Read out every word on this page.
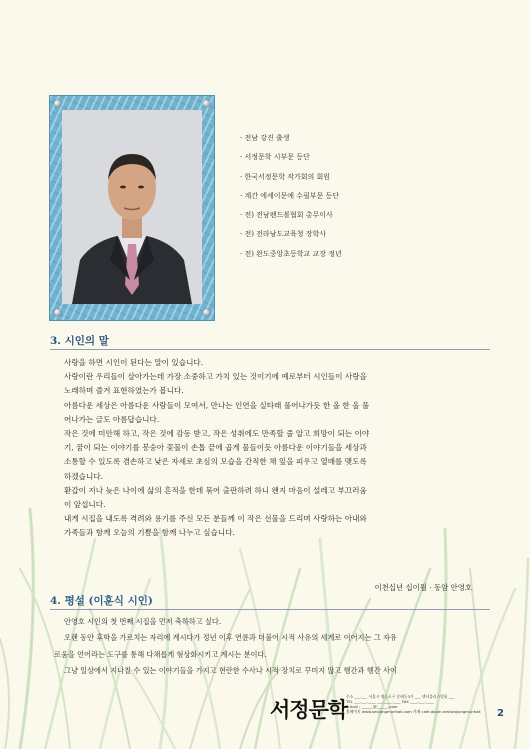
· 전남 강진 출생
· 서정문학 시부문 등단
· 한국서정문학 작가회의 회원
· 계간 에세이문예 수필부문 등단
· 전) 전남펜드볼협회 총무이사
· 전) 전라남도교육청 장학사
· 전) 완도중앙초등학교 교장 정년
3. 시인의 말

사랑을 하면 시인이 된다는 말이 있습니다.

사랑이란 우리들이 살아가는데 가장 소중하고 가치 있는 것이기에 예로부터 시인들이 사랑을

노래하며 즐겨 표현하였는가 봅니다.

아름다운 세상은 아름다운 사람들이 모여서, 만나는 인연을 실타래 풀어나가듯 한 올 한 올 풀

어나가는 글도 아름답습니다.

작은 것에 미안해 하고, 작은 것에 감동 받고, 작은 성취에도 만족할 줄 알고 희망이 되는 이야

기, 꿈이 되는 이야기를 봉숭아 꽃물이 손톱 끝에 곱게 물들이듯 아름다운 이야기들을 세상과

소통할 수 있도록 겸손하고 낮은 자세로 초심의 모습을 간직한 채 잎을 피우고 열매를 맺도록

하겠습니다.

환갑이 지나 늦은 나이에 삶의 흔적을 한데 묶어 출판하려 하니 왠지 마음이 설레고 부끄러움

이 앞섭니다.

내게 시집을 내도록 격려와 용기를 주신 모든 분들께 이 작은 선물을 드리며 사랑하는 아내와

가족들과 함께 오늘의 기쁨을 함께 나누고 싶습니다.

이천십년 십이월 · 동암 안영호
4. 평설 (이훈식 시인)

안영호 시인의 첫 번째 시집을 먼저 축하하고 싶다.

오랜 동안 후학을 가르치는 자리에 계시다가 정년 이후 연륜과 더불어 시적 사유의 세계로 이어지는 그 자유

로움을 언어라는 도구를 통해 다채롭게 형상화시키고 계시는 분이다.

그냥 일상에서 지나칠 수 있는 이야기들을 가지고 현란한 수사나 시적 장치로 꾸미지 않고 행간과 행간 사이

서정문학
주소 ___-___ 서울시 영등포구 문래동3가 ___ 센터플러스빌딩 ___
TEL ___-___-____ ___-____-____ FAX ____-___-____
E-mail : ______@______.com
홈페이지 www.seojungmunhak.com 카페 cafe.daum.net/seojungmunhak 2
